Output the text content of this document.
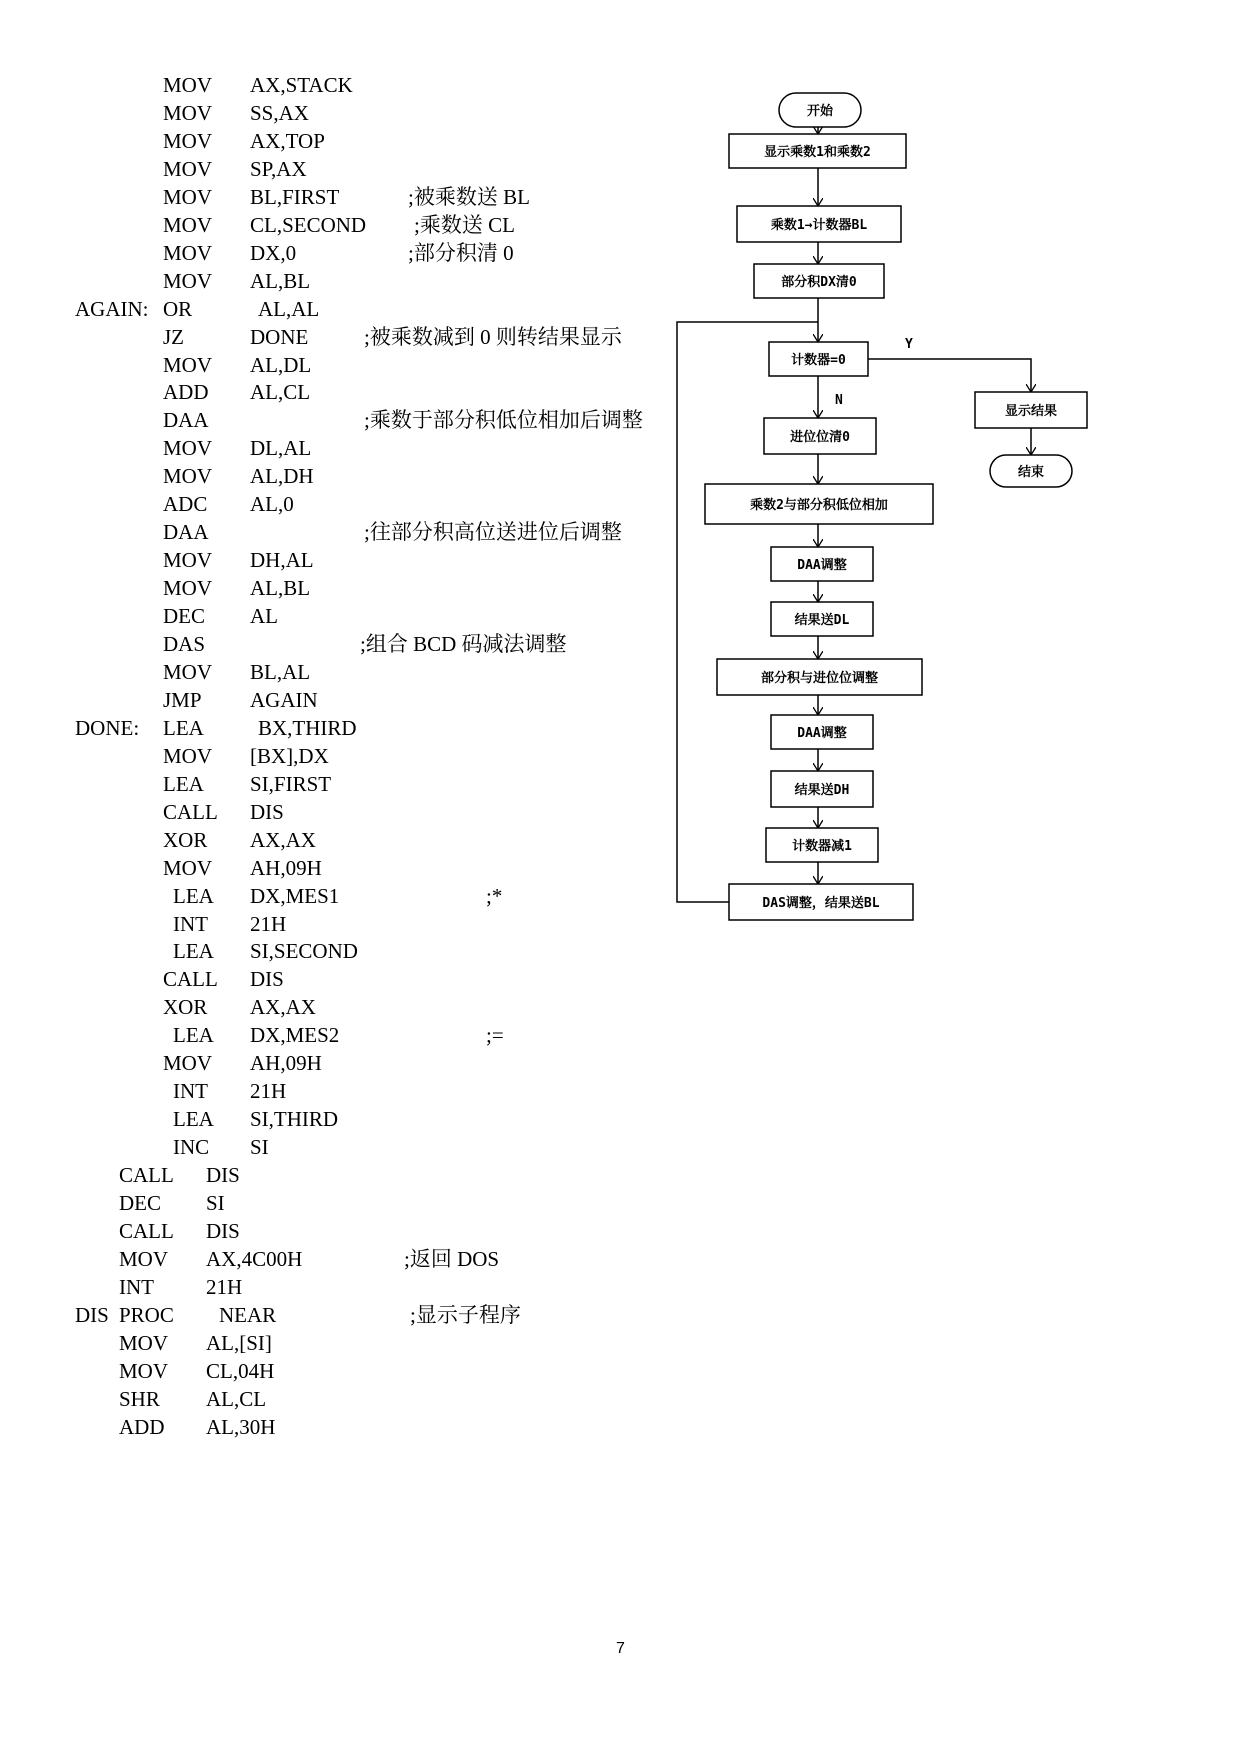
MOV AX,STACK
MOV SS,AX
MOV AX,TOP
MOV SP,AX
MOV BL,FIRST	;被乘数送 BL
MOV CL,SECOND ;乘数送 CL
MOV DX,0	;部分积清 0
MOV AL,BL
AGAIN: OR	AL,AL
JZ	DONE	;被乘数减到 0 则转结果显示
MOV AL,DL
ADD AL,CL
DAA	;乘数于部分积低位相加后调整
MOV DL,AL
MOV AL,DH
ADC AL,0
DAA	;往部分积高位送进位后调整
MOV DH,AL
MOV AL,BL
DEC AL
DAS	;组合 BCD 码减法调整
MOV BL,AL
JMP AGAIN
DONE: LEA	BX,THIRD
MOV [BX],DX
LEA SI,FIRST
CALL DIS
XOR AX,AX
MOV AH,09H
LEA DX,MES1	;*
INT 21H
LEA SI,SECOND
CALL DIS
XOR AX,AX
LEA DX,MES2	;=
MOV AH,09H
INT 21H
LEA SI,THIRD
INC SI
CALL DIS
DEC SI
CALL DIS
MOV AX,4C00H	;返回 DOS
INT 21H
DIS PROC NEAR	;显示子程序
MOV AL,[SI]
MOV CL,04H
SHR AL,CL
ADD AL,30H
开始
显示乘数1和乘数2
乘数1→计数器BL
部分积DX清0
计数器=0
进位位清0
乘数2与部分积低位相加
DAA调整
结果送DL
部分积与进位位调整
DAA调整
结果送DH
计数器减1
DAS调整，结果送BL
Y
N
显示结果
结束
7
